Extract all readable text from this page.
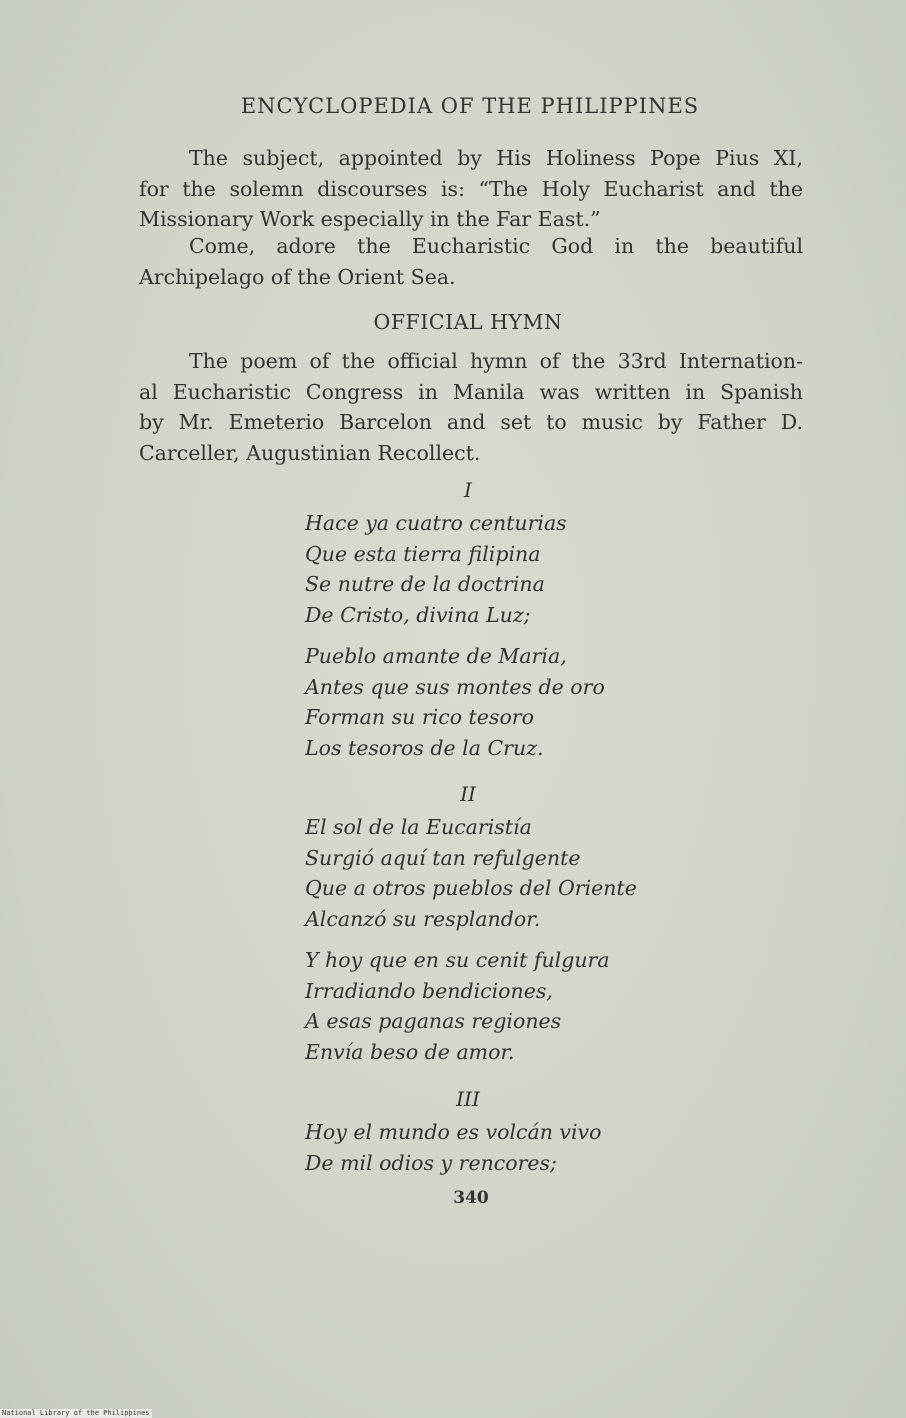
ENCYCLOPEDIA OF THE PHILIPPINES
The subject, appointed by His Holiness Pope Pius XI,
for the solemn discourses is: “The Holy Eucharist and the
Missionary Work especially in the Far East.”
Come, adore the Eucharistic God in the beautiful
Archipelago of the Orient Sea.
OFFICIAL HYMN
The poem of the official hymn of the 33rd Internation-
al Eucharistic Congress in Manila was written in Spanish
by Mr. Emeterio Barcelon and set to music by Father D.
Carceller, Augustinian Recollect.
I
Hace ya cuatro centurias
Que esta tierra filipina
Se nutre de la doctrina
De Cristo, divina Luz;
Pueblo amante de Maria,
Antes que sus montes de oro
Forman su rico tesoro
Los tesoros de la Cruz.
II
El sol de la Eucaristía
Surgió aquí tan refulgente
Que a otros pueblos del Oriente
Alcanzó su resplandor.
Y hoy que en su cenit fulgura
Irradiando bendiciones,
A esas paganas regiones
Envía beso de amor.
III
Hoy el mundo es volcán vivo
De mil odios y rencores;
340
National Library of the Philippines
